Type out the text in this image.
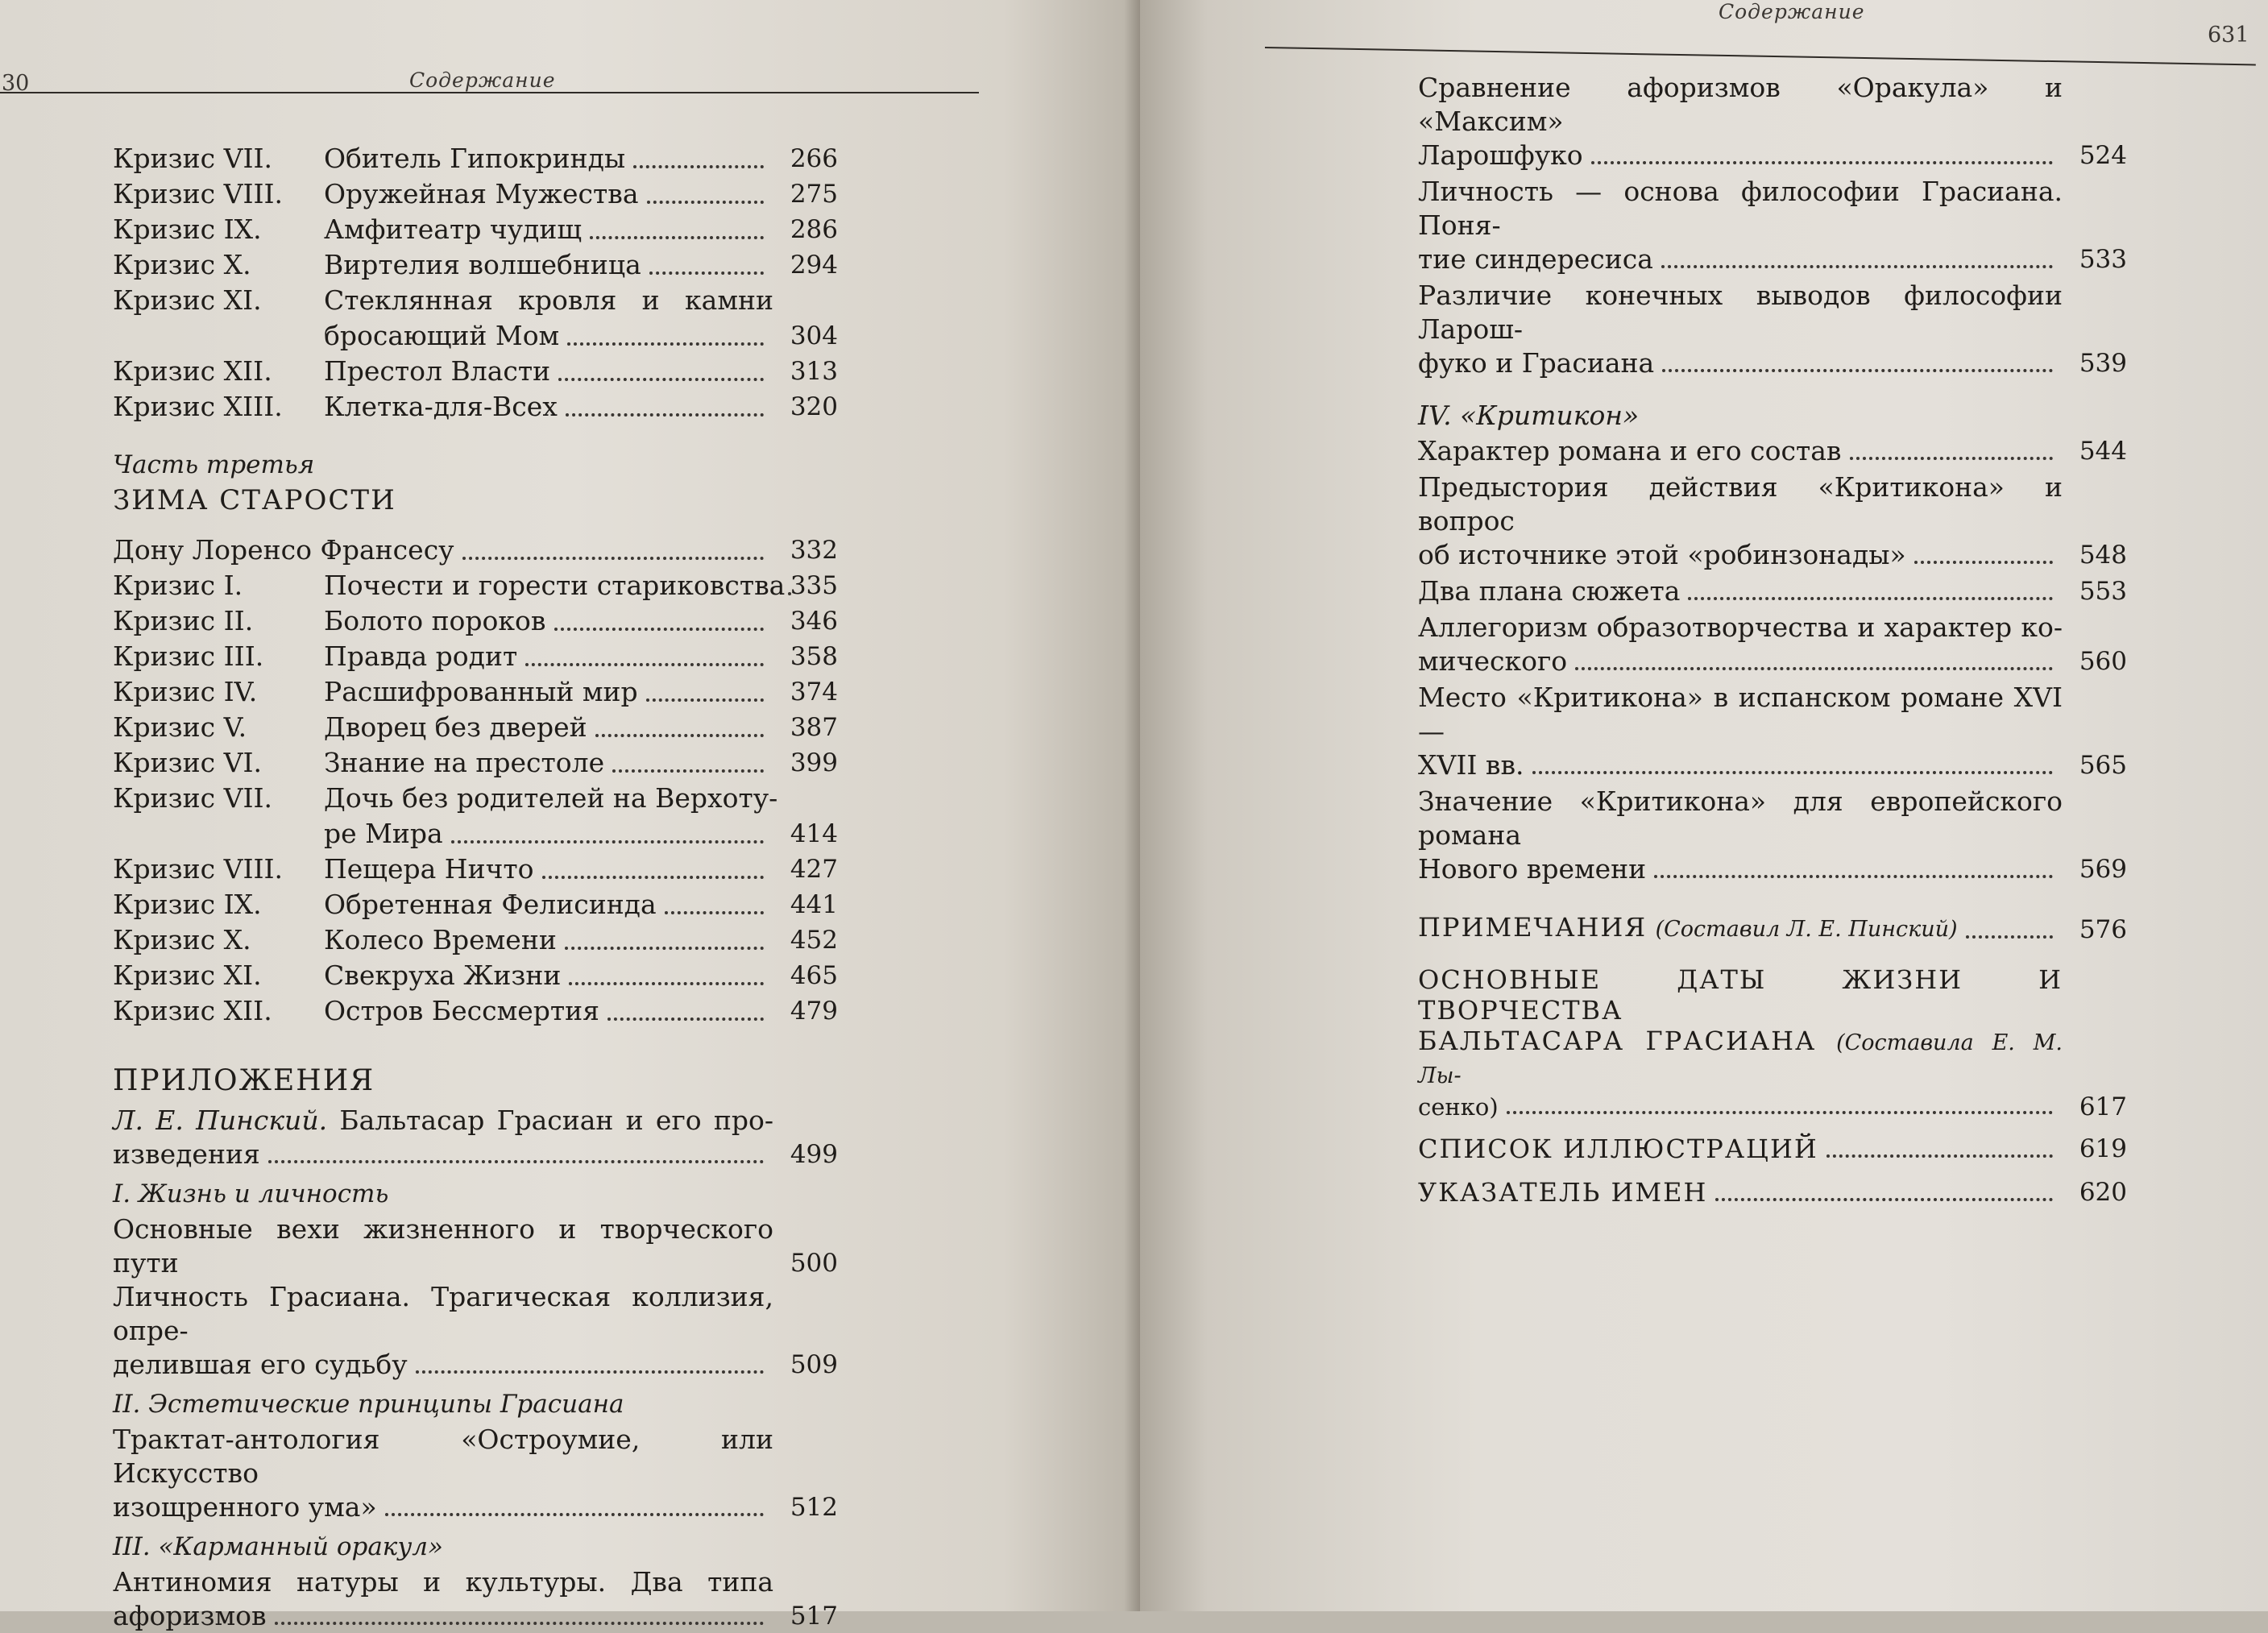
30	Содержание
Кризис VII.	Обитель Гипокринды	266
Кризис VIII.	Оружейная Мужества	275
Кризис IX.	Амфитеатр чудищ	286
Кризис X.	Виртелия волшебница	294
Кризис XI.	Стеклянная кровля и камни
бросающий Мом	304
Кризис XII.	Престол Власти	313
Кризис XIII.	Клетка-для-Всех	320
Часть третья
ЗИМА СТАРОСТИ
Дону Лоренсо Франсесу	332
Кризис I.	Почести и горести стариковства 335
Кризис II.	Болото пороков	346
Кризис III.	Правда родит	358
Кризис IV.	Расшифрованный мир	374
Кризис V.	Дворец без дверей	387
Кризис VI.	Знание на престоле	399
Кризис VII.	Дочь без родителей на Верхоту-
ре Мира	414
Кризис VIII.	Пещера Ничто	427
Кризис IX.	Обретенная Фелисинда	441
Кризис X.	Колесо Времени	452
Кризис XI.	Свекруха Жизни	465
Кризис XII.	Остров Бессмертия	479
ПРИЛОЖЕНИЯ
Л. Е. Пинский. Бальтасар Грасиан и его про-
изведения	499
I. Жизнь и личность
Основные вехи жизненного и творческого пути	500
Личность Грасиана. Трагическая коллизия, опре-
делившая его судьбу	509
II. Эстетические принципы Грасиана
Трактат-антология «Остроумие, или Искусство
изощренного ума»	512
III. «Карманный оракул»
Антиномия натуры и культуры. Два типа
афоризмов	517
Содержание
631
Сравнение афоризмов «Оракула» и «Максим»
Ларошфуко	524
Личность — основа философии Грасиана. Поня-
тие синдересиса	533
Различие конечных выводов философии Ларош-
фуко и Грасиана	539
IV. «Критикон»
Характер романа и его состав	544
Предыстория действия «Критикона» и вопрос
об источнике этой «робинзонады»	548
Два плана сюжета	553
Аллегоризм образотворчества и характер ко-
мического	560
Место «Критикона» в испанском романе XVI—
XVII вв.	565
Значение «Критикона» для европейского романа
Нового времени	569
ПРИМЕЧАНИЯ (Составил Л. Е. Пинский)	576
ОСНОВНЫЕ ДАТЫ ЖИЗНИ И ТВОРЧЕСТВА
БАЛЬТАСАРА ГРАСИАНА (Составила Е. М. Лы-
сенко)	617
СПИСОК ИЛЛЮСТРАЦИЙ	619
УКАЗАТЕЛЬ ИМЕН	620
